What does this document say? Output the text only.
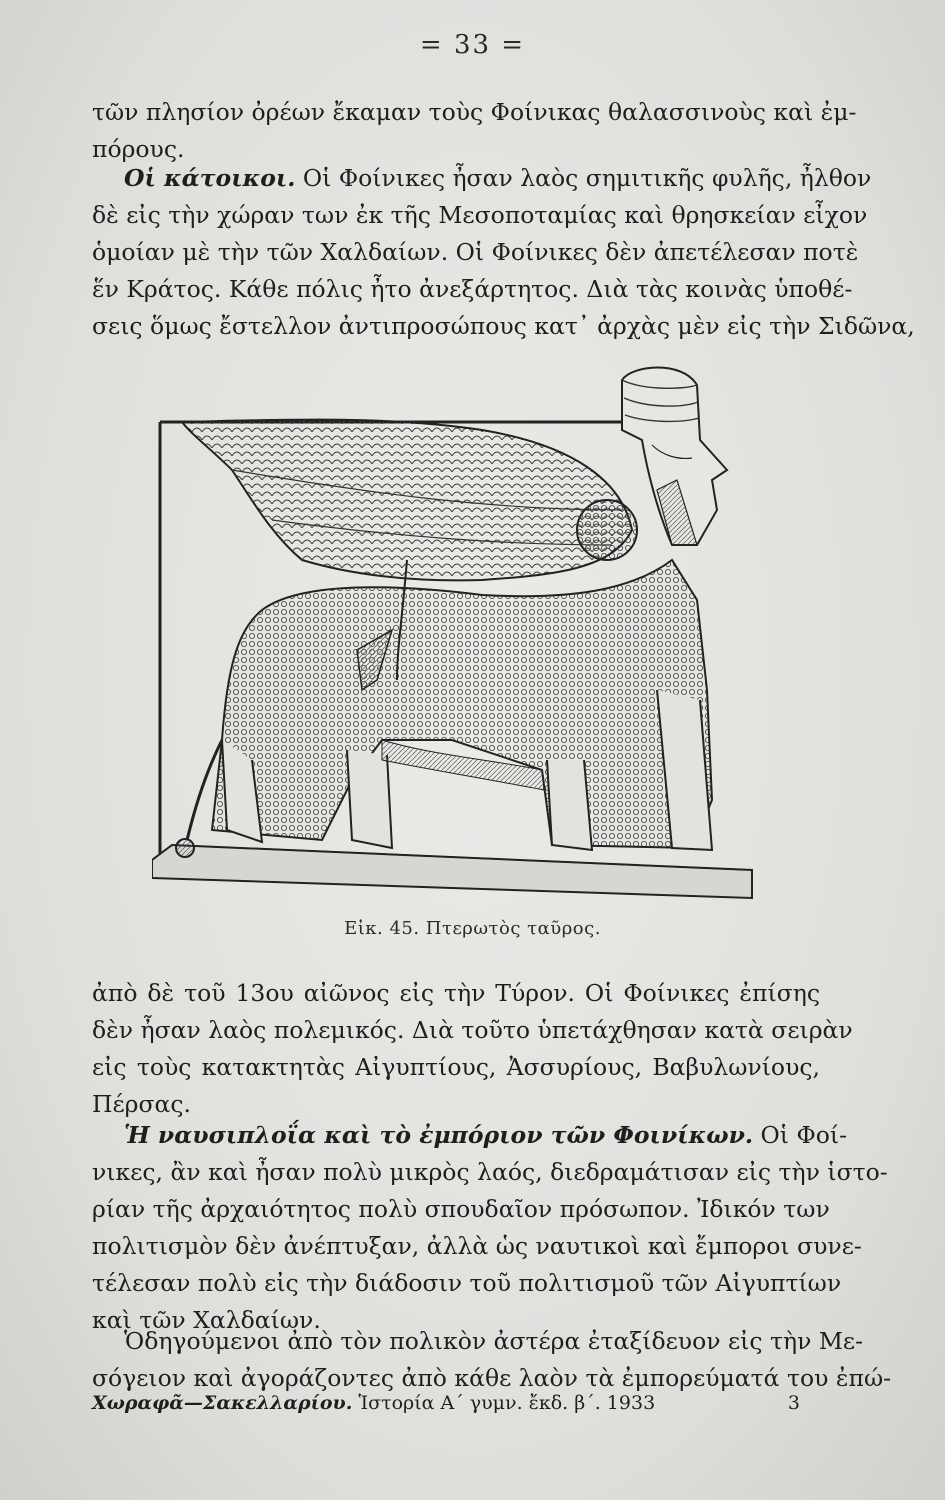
= 33 =
τῶν πλησίον ὀρέων ἔκαμαν τοὺς Φοίνικας θαλασσινοὺς καὶ ἐμ-
πόρους.
Οἱ κάτοικοι. Οἱ Φοίνικες ἦσαν λαὸς σημιτικῆς φυλῆς, ἦλθον
δὲ εἰς τὴν χώραν των ἐκ τῆς Μεσοποταμίας καὶ θρησκείαν εἶχον
ὁμοίαν μὲ τὴν τῶν Χαλδαίων. Οἱ Φοίνικες δὲν ἀπετέλεσαν ποτὲ
ἕν Κράτος. Κάθε πόλις ἦτο ἀνεξάρτητος. Διὰ τὰς κοινὰς ὑποθέ-
σεις ὅμως ἔστελλον ἀντιπροσώπους κατ᾽ ἀρχὰς μὲν εἰς τὴν Σιδῶνα,
Εἰκ. 45. Πτερωτὸς ταῦρος.
ἀπὸ δὲ τοῦ 13ου αἰῶνος εἰς τὴν Τύρον. Οἱ Φοίνικες ἐπίσης
δὲν ἦσαν λαὸς πολεμικός. Διὰ τοῦτο ὑπετάχθησαν κατὰ σειρὰν
εἰς τοὺς κατακτητὰς Αἰγυπτίους, Ἀσσυρίους, Βαβυλωνίους,
Πέρσας.
Ἡ ναυσιπλοΐα καὶ τὸ ἐμπόριον τῶν Φοινίκων. Οἱ Φοί-
νικες, ἂν καὶ ἦσαν πολὺ μικρὸς λαός, διεδραμάτισαν εἰς τὴν ἱστο-
ρίαν τῆς ἀρχαιότητος πολὺ σπουδαῖον πρόσωπον. Ἰδικόν των
πολιτισμὸν δὲν ἀνέπτυξαν, ἀλλὰ ὡς ναυτικοὶ καὶ ἔμποροι συνε-
τέλεσαν πολὺ εἰς τὴν διάδοσιν τοῦ πολιτισμοῦ τῶν Αἰγυπτίων
καὶ τῶν Χαλδαίων.
Ὁδηγούμενοι ἀπὸ τὸν πολικὸν ἀστέρα ἐταξίδευον εἰς τὴν Με-
σόγειον καὶ ἀγοράζοντες ἀπὸ κάθε λαὸν τὰ ἐμπορεύματά του ἐπώ-
Χωραφᾶ—Σακελλαρίου. Ἱστορία Α΄ γυμν. ἔκδ. β΄. 1933	3
